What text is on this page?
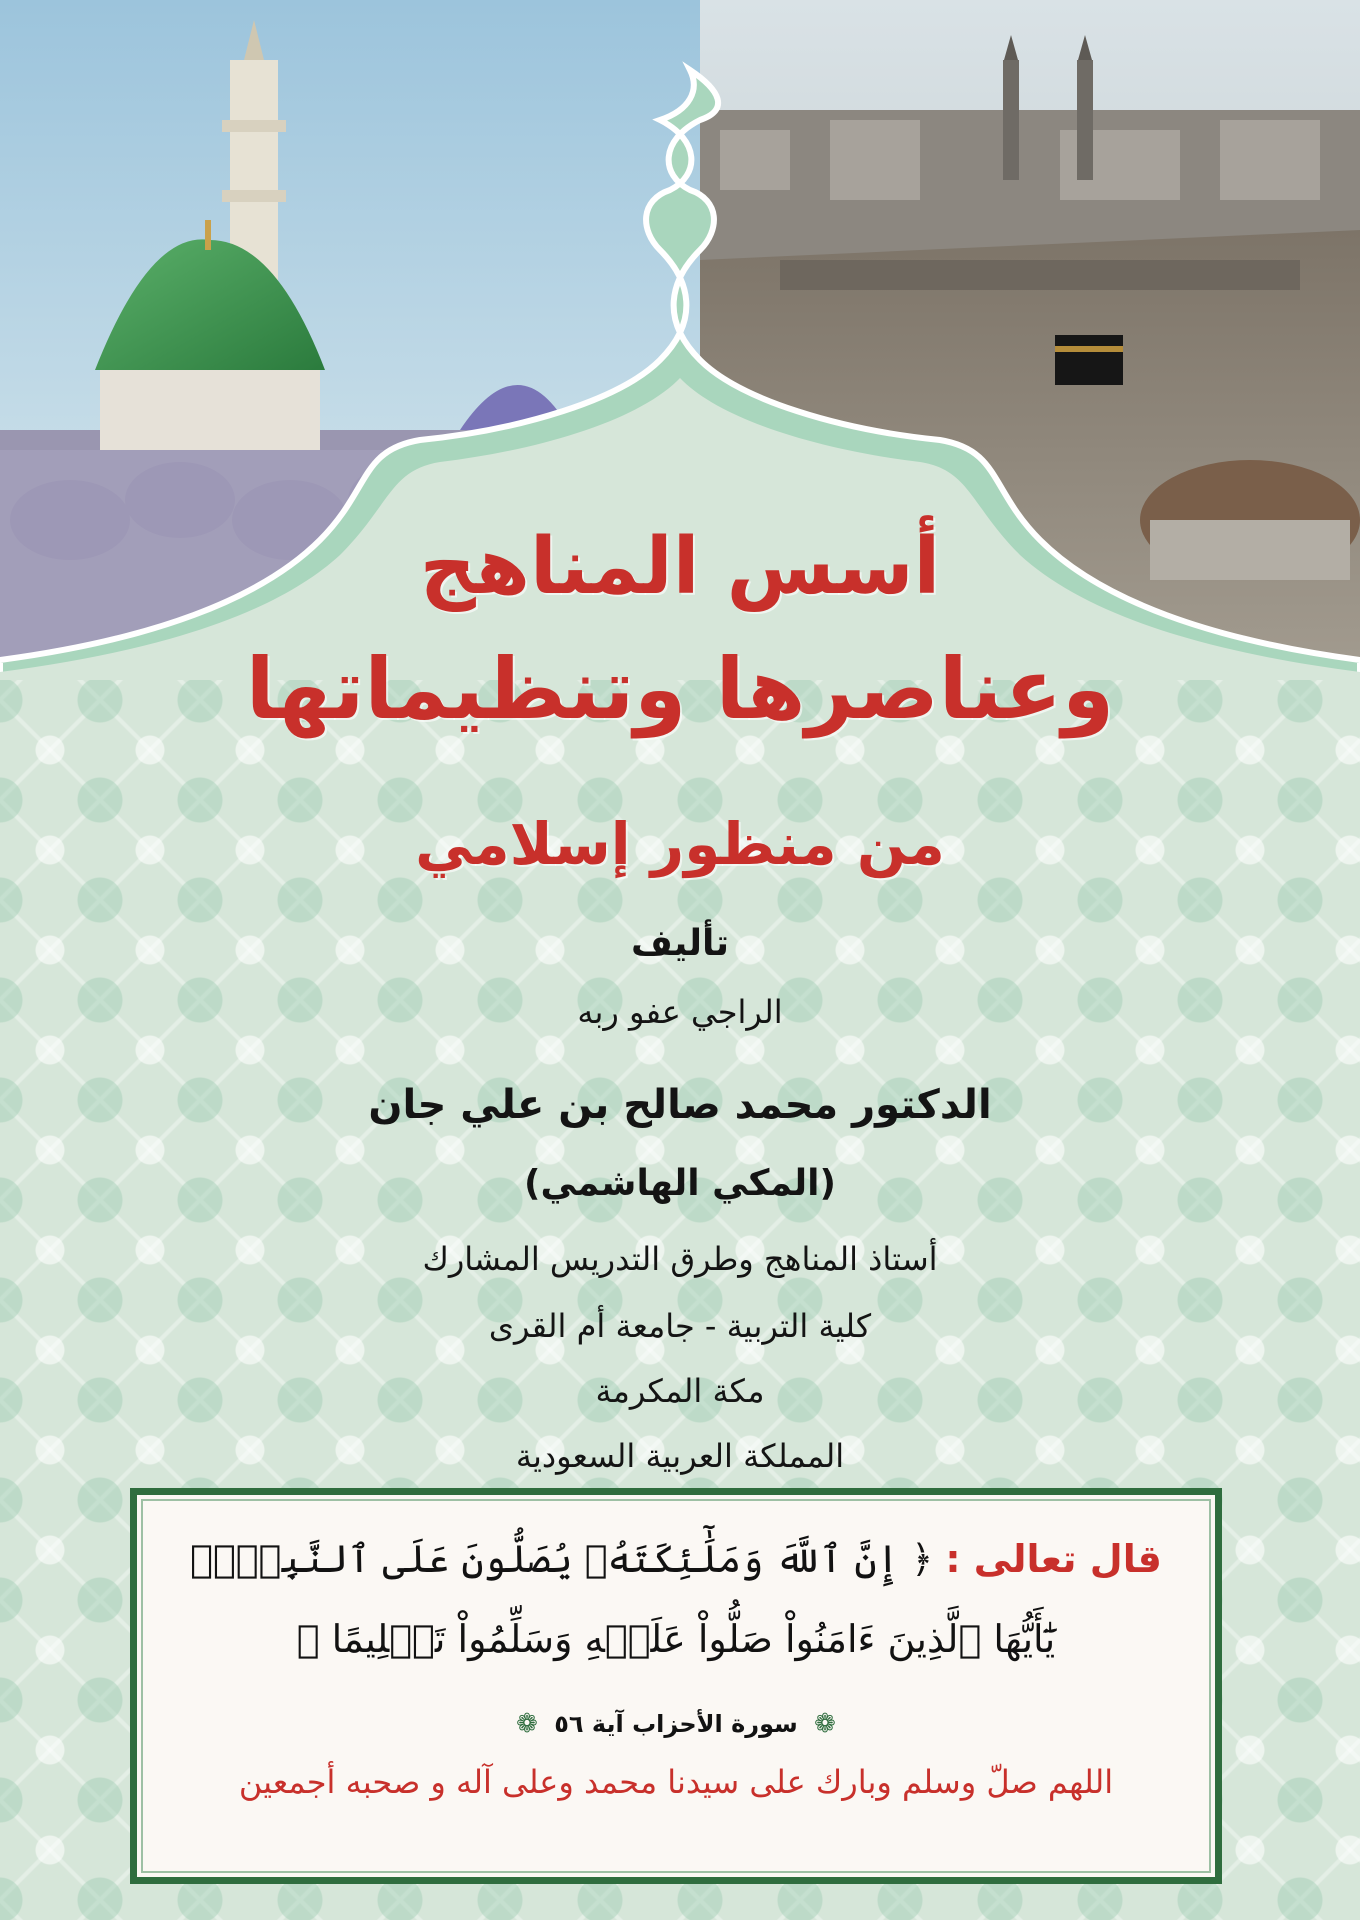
أسس المناهج
وعناصرها وتنظيماتها
من منظور إسلامي
تأليف
الراجي عفو ربه
الدكتور محمد صالح بن علي جان
(المكي الهاشمي)
أستاذ المناهج وطرق التدريس المشارك
كلية التربية - جامعة أم القرى
مكة المكرمة
المملكة العربية السعودية
قال تعالى : ﴿ إِنَّ ٱللَّهَ وَمَلَٰٓئِكَتَهُۥ يُصَلُّونَ عَلَى ٱلنَّبِيِّۚ
يَٰٓأَيُّهَا ٱلَّذِينَ ءَامَنُواْ صَلُّواْ عَلَيۡهِ وَسَلِّمُواْ تَسۡلِيمًا ﴾
❁ سورة الأحزاب آية ٥٦ ❁
اللهم صلّ وسلم وبارك على سيدنا محمد وعلى آله و صحبه أجمعين
